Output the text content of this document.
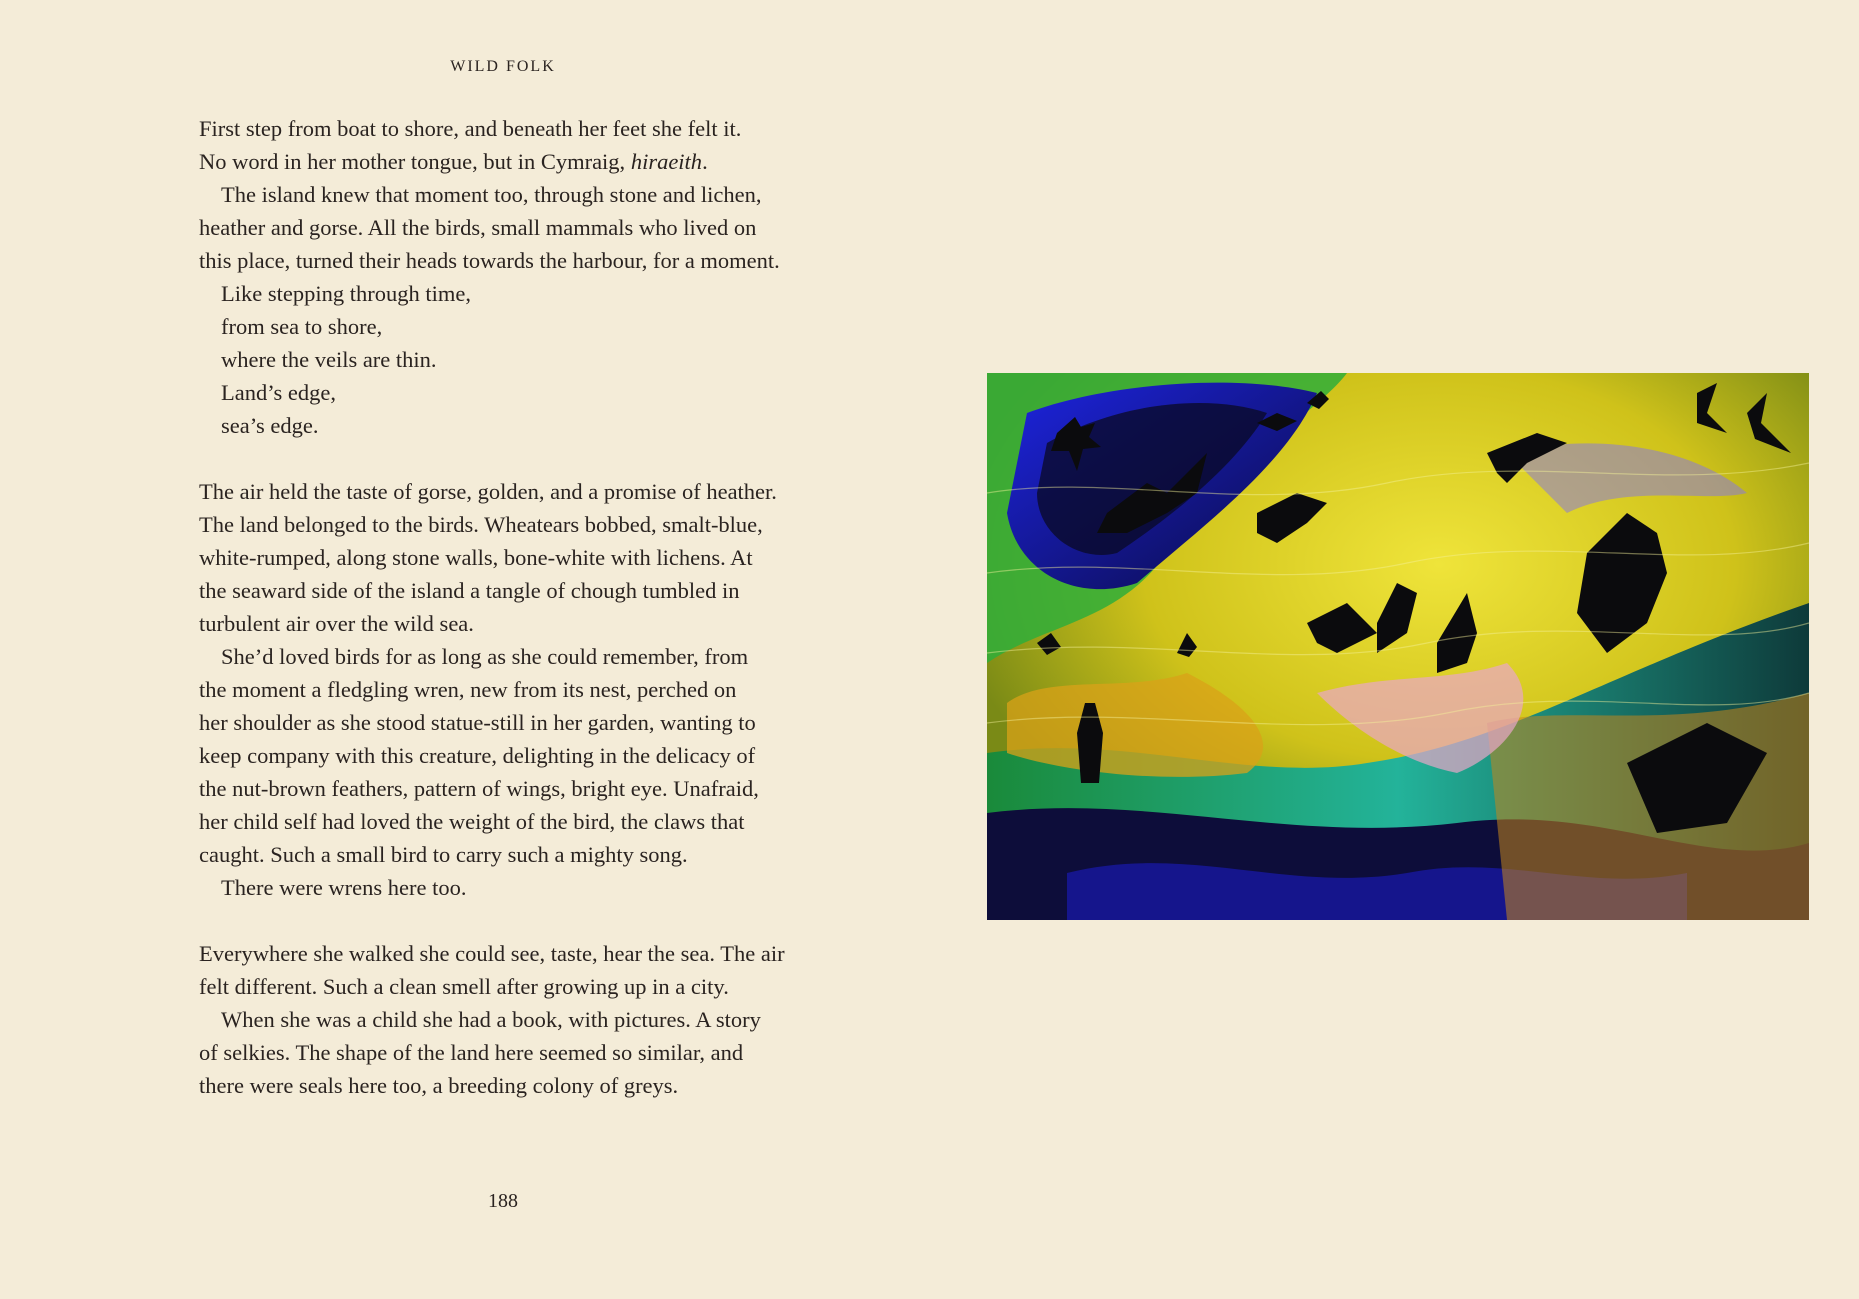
WILD FOLK
First step from boat to shore, and beneath her feet she felt it.
No word in her mother tongue, but in Cymraig, hiraeith.
The island knew that moment too, through stone and lichen,
heather and gorse. All the birds, small mammals who lived on
this place, turned their heads towards the harbour, for a moment.
Like stepping through time,
from sea to shore,
where the veils are thin.
Land’s edge,
sea’s edge.
The air held the taste of gorse, golden, and a promise of heather.
The land belonged to the birds. Wheatears bobbed, smalt-blue,
white-rumped, along stone walls, bone-white with lichens. At
the seaward side of the island a tangle of chough tumbled in
turbulent air over the wild sea.
She’d loved birds for as long as she could remember, from
the moment a fledgling wren, new from its nest, perched on
her shoulder as she stood statue-still in her garden, wanting to
keep company with this creature, delighting in the delicacy of
the nut-brown feathers, pattern of wings, bright eye. Unafraid,
her child self had loved the weight of the bird, the claws that
caught. Such a small bird to carry such a mighty song.
There were wrens here too.
Everywhere she walked she could see, taste, hear the sea. The air
felt different. Such a clean smell after growing up in a city.
When she was a child she had a book, with pictures. A story
of selkies. The shape of the land here seemed so similar, and
there were seals here too, a breeding colony of greys.
188
